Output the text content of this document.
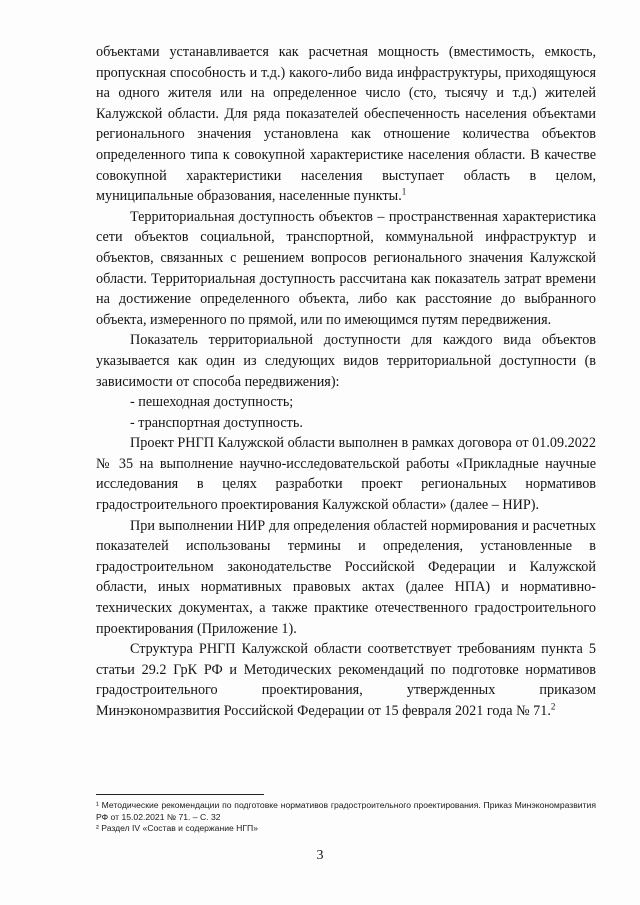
объектами устанавливается как расчетная мощность (вместимость, емкость, пропускная способность и т.д.) какого-либо вида инфраструктуры, приходящуюся на одного жителя или на определенное число (сто, тысячу и т.д.) жителей Калужской области. Для ряда показателей обеспеченность населения объектами регионального значения установлена как отношение количества объектов определенного типа к совокупной характеристике населения области. В качестве совокупной характеристики населения выступает область в целом, муниципальные образования, населенные пункты.$^1$

Территориальная доступность объектов – пространственная характеристика сети объектов социальной, транспортной, коммунальной инфраструктур и объектов, связанных с решением вопросов регионального значения Калужской области. Территориальная доступность рассчитана как показатель затрат времени на достижение определенного объекта, либо как расстояние до выбранного объекта, измеренного по прямой, или по имеющимся путям передвижения.

Показатель территориальной доступности для каждого вида объектов указывается как один из следующих видов территориальной доступности (в зависимости от способа передвижения):

- пешеходная доступность;
- транспортная доступность.

Проект РНГП Калужской области выполнен в рамках договора от 01.09.2022 № 35 на выполнение научно-исследовательской работы «Прикладные научные исследования в целях разработки проект региональных нормативов градостроительного проектирования Калужской области» (далее – НИР).

При выполнении НИР для определения областей нормирования и расчетных показателей использованы термины и определения, установленные в градостроительном законодательстве Российской Федерации и Калужской области, иных нормативных правовых актах (далее НПА) и нормативно-технических документах, а также практике отечественного градостроительного проектирования (Приложение 1).

Структура РНГП Калужской области соответствует требованиям пункта 5 статьи 29.2 ГрК РФ и Методических рекомендаций по подготовке нормативов градостроительного проектирования, утвержденных приказом Минэкономразвития Российской Федерации от 15 февраля 2021 года № 71.$^2$

¹ Методические рекомендации по подготовке нормативов градостроительного проектирования. Приказ Минэкономразвития РФ от 15.02.2021 № 71. – С. 32

² Раздел IV «Состав и содержание НГП»

3
